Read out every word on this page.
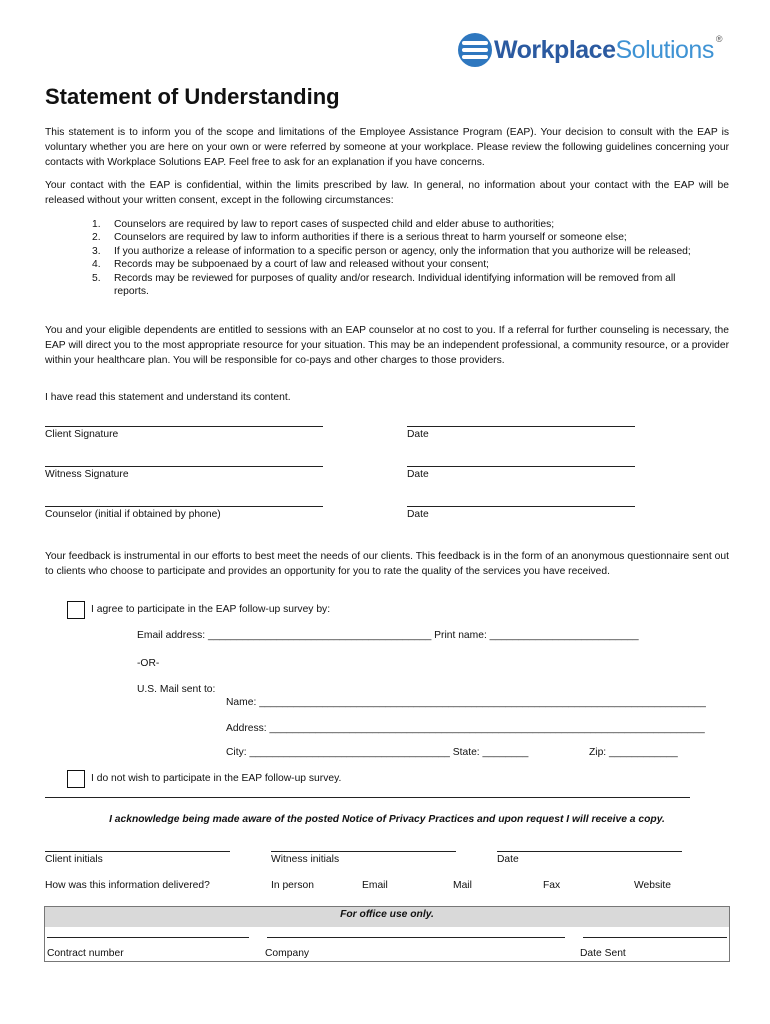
WorkplaceSolutions ®
Statement of Understanding

This statement is to inform you of the scope and limitations of the Employee Assistance Program (EAP). Your decision to consult with the EAP is voluntary whether you are here on your own or were referred by someone at your workplace. Please review the following guidelines concerning your contacts with Workplace Solutions EAP. Feel free to ask for an explanation if you have concerns.

Your contact with the EAP is confidential, within the limits prescribed by law. In general, no information about your contact with the EAP will be released without your written consent, except in the following circumstances:

1. Counselors are required by law to report cases of suspected child and elder abuse to authorities;
2. Counselors are required by law to inform authorities if there is a serious threat to harm yourself or someone else;
3. If you authorize a release of information to a specific person or agency, only the information that you authorize will be released;
4. Records may be subpoenaed by a court of law and released without your consent;
5. Records may be reviewed for purposes of quality and/or research. Individual identifying information will be removed from all reports.

You and your eligible dependents are entitled to sessions with an EAP counselor at no cost to you. If a referral for further counseling is necessary, the EAP will direct you to the most appropriate resource for your situation. This may be an independent professional, a community resource, or a provider within your healthcare plan. You will be responsible for co-pays and other charges to those providers.

I have read this statement and understand its content.

Client Signature	Date
Witness Signature	Date
Counselor (initial if obtained by phone)	Date

Your feedback is instrumental in our efforts to best meet the needs of our clients. This feedback is in the form of an anonymous questionnaire sent out to clients who choose to participate and provides an opportunity for you to rate the quality of the services you have received.

I agree to participate in the EAP follow-up survey by:
Email address: _______________________________________ Print name: __________________________
-OR-
U.S. Mail sent to:
Name: ______________________________________________________________________________
Address: ____________________________________________________________________________
City: ___________________________________ State: ________	Zip: ____________
I do not wish to participate in the EAP follow-up survey.
I acknowledge being made aware of the posted Notice of Privacy Practices and upon request I will receive a copy.
Client initials	Witness initials	Date
How was this information delivered?	In person	Email	Mail	Fax	Website
For office use only.
Contract number	Company	Date Sent
